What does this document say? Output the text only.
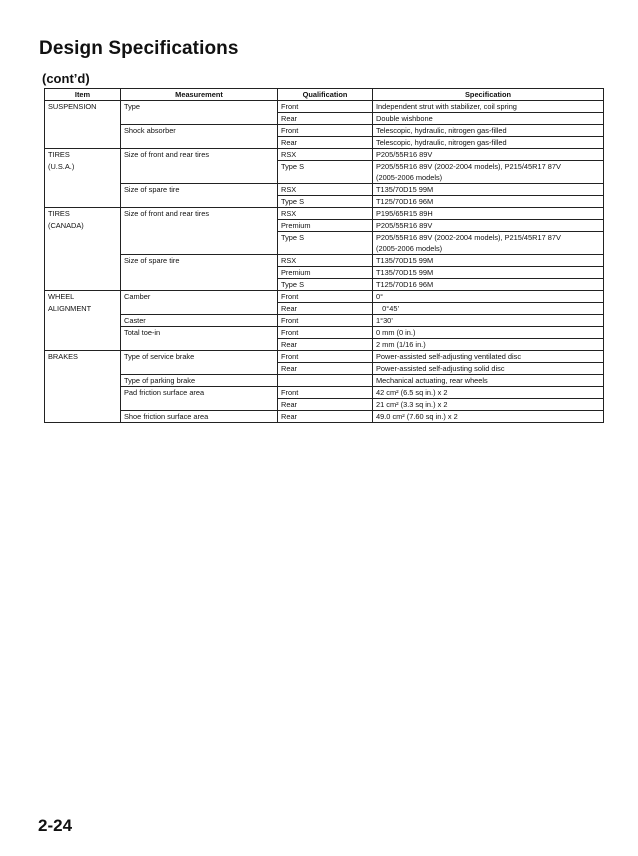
Design Specifications
(cont’d)
Item	Measurement	Qualification	Specification
SUSPENSION	Type	Front	Independent strut with stabilizer, coil spring
		Rear	Double wishbone
	Shock absorber	Front	Telescopic, hydraulic, nitrogen gas-filled
		Rear	Telescopic, hydraulic, nitrogen gas-filled
TIRES	Size of front and rear tires	RSX	P205/55R16 89V
(U.S.A.)		Type S	P205/55R16 89V (2002-2004 models), P215/45R17 87V
			(2005-2006 models)
	Size of spare tire	RSX	T135/70D15 99M
		Type S	T125/70D16 96M
TIRES	Size of front and rear tires	RSX	P195/65R15 89H
(CANADA)		Premium	P205/55R16 89V
		Type S	P205/55R16 89V (2002-2004 models), P215/45R17 87V
			(2005-2006 models)
	Size of spare tire	RSX	T135/70D15 99M
		Premium	T135/70D15 99M
		Type S	T125/70D16 96M
WHEEL	Camber	Front	0°
ALIGNMENT		Rear	0°45’
	Caster	Front	1°30’
	Total toe-in	Front	0 mm (0 in.)
		Rear	2 mm (1/16 in.)
BRAKES	Type of service brake	Front	Power-assisted self-adjusting ventilated disc
		Rear	Power-assisted self-adjusting solid disc
	Type of parking brake		Mechanical actuating, rear wheels
	Pad friction surface area	Front	42 cm² (6.5 sq in.) x 2
		Rear	21 cm² (3.3 sq in.) x 2
	Shoe friction surface area	Rear	49.0 cm² (7.60 sq in.) x 2
2-24
